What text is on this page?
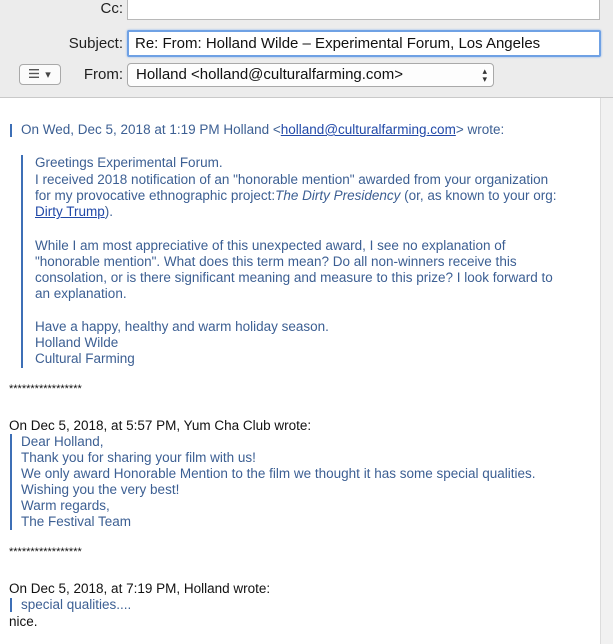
Cc:
Subject: Re: From: Holland Wilde – Experimental Forum, Los Angeles
▾	From: Holland <holland@culturalfarming.com>	▴
▾
On Wed, Dec 5, 2018 at 1:19 PM Holland <holland@culturalfarming.com> wrote:
Greetings Experimental Forum.
I received 2018 notification of an "honorable mention" awarded from your organization
for my provocative ethnographic project:The Dirty Presidency (or, as known to your org:
Dirty Trump).
While I am most appreciative of this unexpected award, I see no explanation of
"honorable mention". What does this term mean? Do all non-winners receive this
consolation, or is there significant meaning and measure to this prize? I look forward to
an explanation.
Have a happy, healthy and warm holiday season.
Holland Wilde
Cultural Farming
*****************
On Dec 5, 2018, at 5:57 PM, Yum Cha Club wrote:
Dear Holland,
Thank you for sharing your film with us!
We only award Honorable Mention to the film we thought it has some special qualities.
Wishing you the very best!
Warm regards,
The Festival Team
*****************
On Dec 5, 2018, at 7:19 PM, Holland wrote:
special qualities....
nice.
